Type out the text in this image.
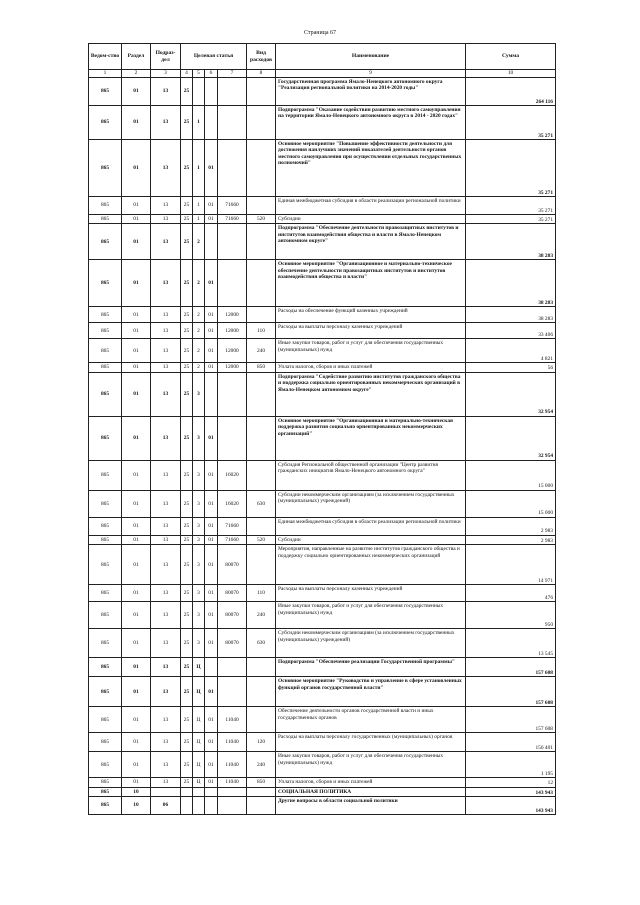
Страница 67
Ведом-ство	Раздел	Подраз-дел	Целевая статья				Вид расходов	Наименование	Сумма
1	2	3	4	5	6	7	8	9	10
865	01	13	25					Государственная программа Ямало-Ненецкого автономного округа "Реализация региональной политики на 2014-2020 годы"	264 116
865	01	13	25	1				Подпрограмма "Оказание содействия развитию местного самоуправления на территории Ямало-Ненецкого автономного округа в 2014 - 2020 годах"	35 271
865	01	13	25	1	01			Основное мероприятие "Повышение эффективности деятельности для достижения наилучших значений показателей деятельности органов местного самоуправления при осуществлении отдельных государственных полномочий"	35 271
865	01	13	25	1	01	71660		Единая межбюджетная субсидия в области реализации региональной политики	35 271
865	01	13	25	1	01	71660	520	Субсидии	35 271
865	01	13	25	2				Подпрограмма "Обеспечение деятельности правозащитных институтов и институтов взаимодействия общества и власти в Ямало-Ненецком автономном округе"	38 283
865	01	13	25	2	01			Основное мероприятие "Организационное и материально-техническое обеспечение деятельности правозащитных институтов и институтов взаимодействия общества и власти"	38 283
865	01	13	25	2	01	12000		Расходы на обеспечение функций казенных учреждений	38 283
865	01	13	25	2	01	12000	110	Расходы на выплаты персоналу казенных учреждений	33 406
865	01	13	25	2	01	12000	240	Иные закупки товаров, работ и услуг для обеспечения государственных (муниципальных) нужд	4 821
865	01	13	25	2	01	12000	850	Уплата налогов, сборов и иных платежей	56
865	01	13	25	3				Подпрограмма "Содействие развитию институтов гражданского общества и поддержка социально ориентированных некоммерческих организаций в Ямало-Ненецком автономном округе"	32 954
865	01	13	25	3	01			Основное мероприятие "Организационная и материально-техническая поддержка развития социально ориентированных некоммерческих организаций"	32 954
865	01	13	25	3	01	16020		Субсидия Региональной общественной организации "Центр развития гражданских инициатив Ямало-Ненецкого автономного округа"	15 000
865	01	13	25	3	01	16020	630	Субсидии некоммерческим организациям (за исключением государственных (муниципальных) учреждений)	15 000
865	01	13	25	3	01	71660		Единая межбюджетная субсидия в области реализации региональной политики	2 983
865	01	13	25	3	01	71660	520	Субсидии	2 983
865	01	13	25	3	01	80070		Мероприятия, направленные на развитие институтов гражданского общества и поддержку социально ориентированных некоммерческих организаций	14 971
865	01	13	25	3	01	80070	110	Расходы на выплаты персоналу казенных учреждений	476
865	01	13	25	3	01	80070	240	Иные закупки товаров, работ и услуг для обеспечения государственных (муниципальных) нужд	950
865	01	13	25	3	01	80070	630	Субсидии некоммерческим организациям (за исключением государственных (муниципальных) учреждений)	13 545
865	01	13	25	Ц				Подпрограмма "Обеспечение реализации Государственной программы"	157 608
865	01	13	25	Ц	01			Основное мероприятие "Руководство и управление в сфере установленных функций органов государственной власти"	157 608
865	01	13	25	Ц	01	11040		Обеспечение деятельности органов государственной власти и иных государственных органов	157 608
865	01	13	25	Ц	01	11040	120	Расходы на выплаты персоналу государственных (муниципальных) органов	156 401
865	01	13	25	Ц	01	11040	240	Иные закупки товаров, работ и услуг для обеспечения государственных (муниципальных) нужд	1 195
865	01	13	25	Ц	01	11040	850	Уплата налогов, сборов и иных платежей	12
865	10							СОЦИАЛЬНАЯ ПОЛИТИКА	143 943
865	10	06						Другие вопросы в области социальной политики	143 943
